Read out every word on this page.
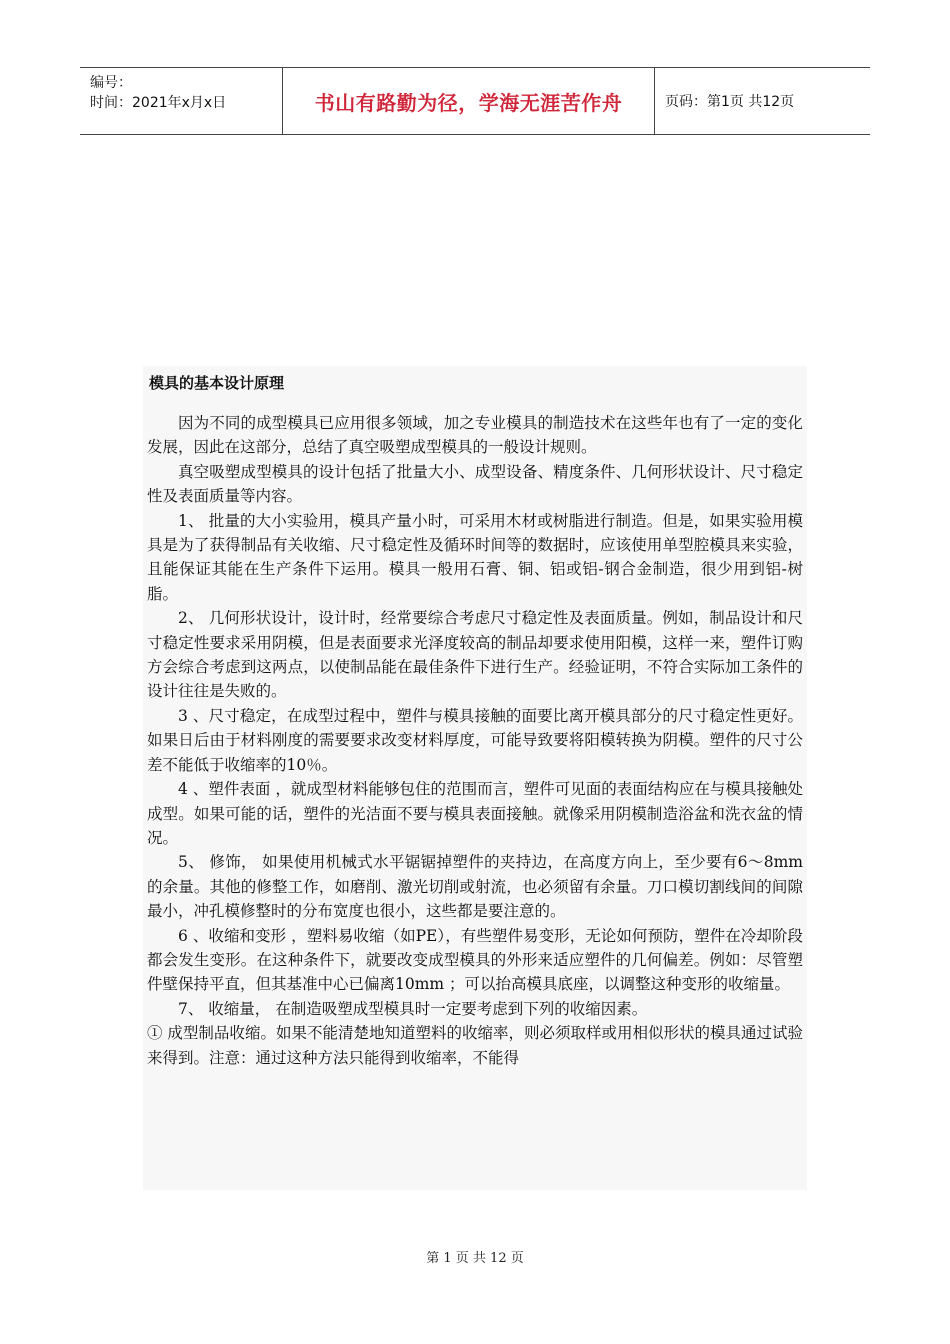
编号：
时间：2021年x月x日	书山有路勤为径，学海无涯苦作舟	页码：第1页 共12页
模具的基本设计原理

因为不同的成型模具已应用很多领域，加之专业模具的制造技术在这些年也有了一定的变化发展，因此在这部分，总结了真空吸塑成型模具的一般设计规则。

真空吸塑成型模具的设计包括了批量大小、成型设备、精度条件、几何形状设计、尺寸稳定性及表面质量等内容。

1、 批量的大小实验用，模具产量小时，可采用木材或树脂进行制造。但是，如果实验用模具是为了获得制品有关收缩、尺寸稳定性及循环时间等的数据时，应该使用单型腔模具来实验，且能保证其能在生产条件下运用。模具一般用石膏、铜、铝或铝-钢合金制造，很少用到铝-树脂。

2、 几何形状设计，设计时，经常要综合考虑尺寸稳定性及表面质量。例如，制品设计和尺寸稳定性要求采用阴模，但是表面要求光泽度较高的制品却要求使用阳模，这样一来，塑件订购方会综合考虑到这两点，以使制品能在最佳条件下进行生产。经验证明，不符合实际加工条件的设计往往是失败的。

3 、尺寸稳定，在成型过程中，塑件与模具接触的面要比离开模具部分的尺寸稳定性更好。如果日后由于材料刚度的需要要求改变材料厚度，可能导致要将阳模转换为阴模。塑件的尺寸公差不能低于收缩率的10％。

4 、塑件表面 ，就成型材料能够包住的范围而言，塑件可见面的表面结构应在与模具接触处成型。如果可能的话，塑件的光洁面不要与模具表面接触。就像采用阴模制造浴盆和洗衣盆的情况。

5、 修饰， 如果使用机械式水平锯锯掉塑件的夹持边，在高度方向上，至少要有6～8mm的余量。其他的修整工作，如磨削、激光切削或射流，也必须留有余量。刀口模切割线间的间隙最小，冲孔模修整时的分布宽度也很小，这些都是要注意的。

6 、收缩和变形 ，塑料易收缩（如PE），有些塑件易变形，无论如何预防，塑件在冷却阶段都会发生变形。在这种条件下，就要改变成型模具的外形来适应塑件的几何偏差。例如：尽管塑件壁保持平直，但其基准中心已偏离10mm ；可以抬高模具底座，以调整这种变形的收缩量。

7、 收缩量， 在制造吸塑成型模具时一定要考虑到下列的收缩因素。

① 成型制品收缩。如果不能清楚地知道塑料的收缩率，则必须取样或用相似形状的模具通过试验来得到。注意：通过这种方法只能得到收缩率，不能得

第 1 页 共 12 页
